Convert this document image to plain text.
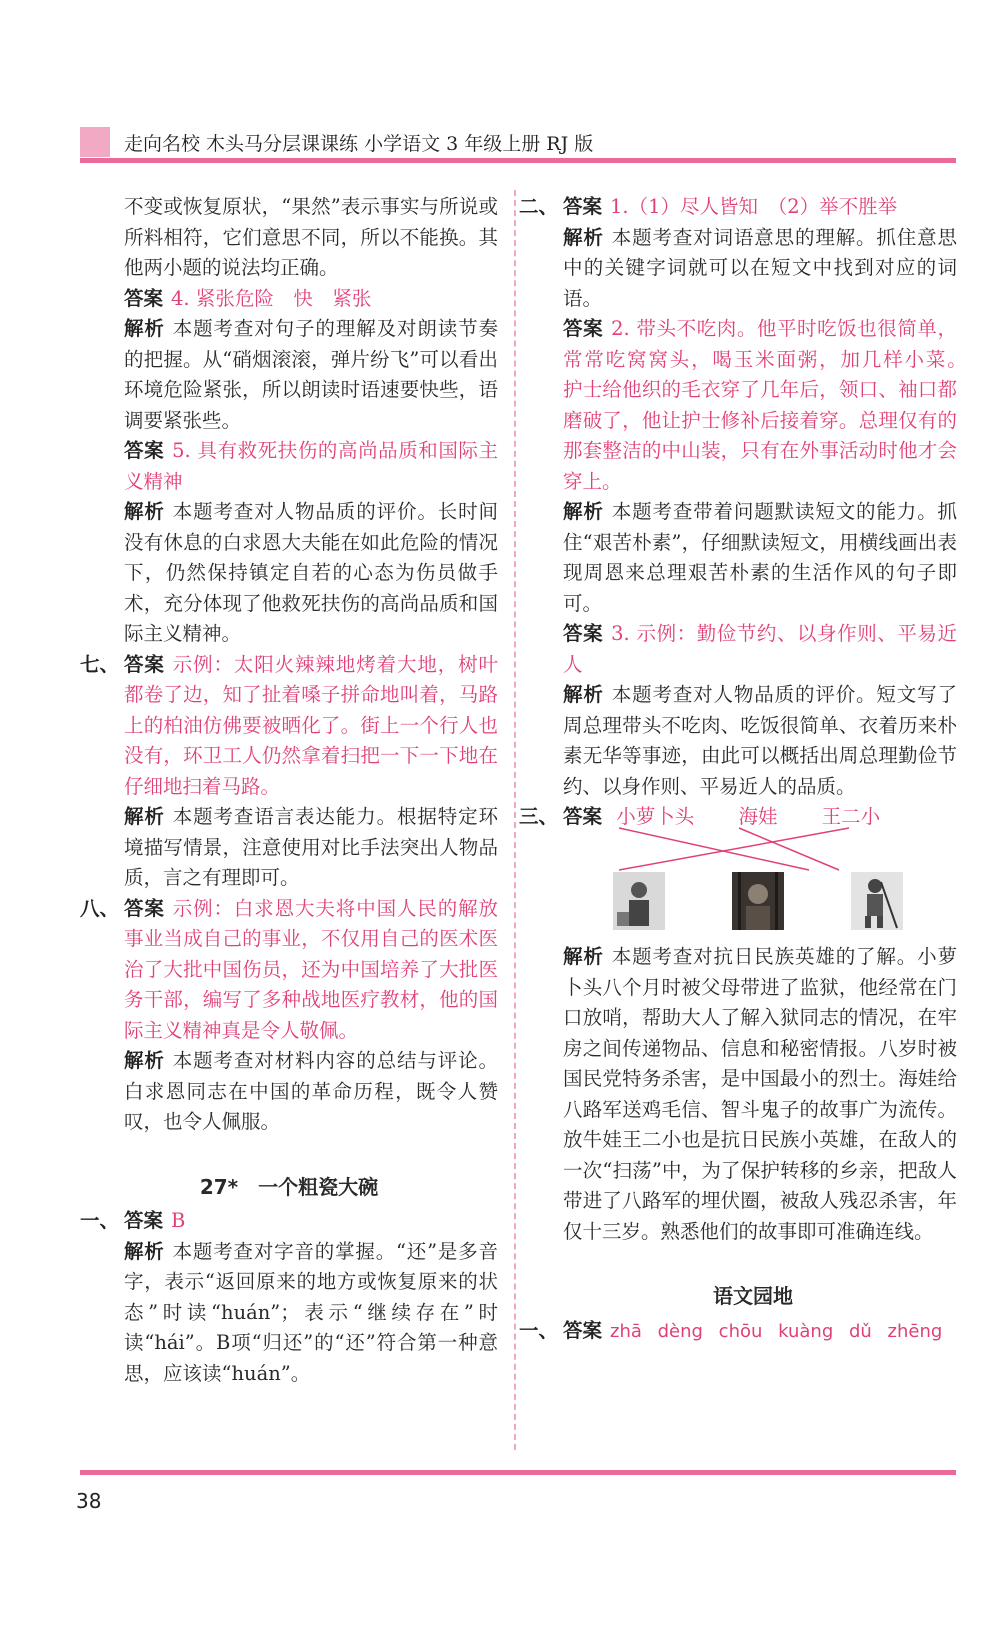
走向名校 木头马分层课课练 小学语文 3 年级上册 RJ 版

不变或恢复原状，“果然”表示事实与所说或所料相符，它们意思不同，所以不能换。其他两小题的说法均正确。

答案 4. 紧张危险　快　紧张

解析 本题考查对句子的理解及对朗读节奏的把握。从“硝烟滚滚，弹片纷飞”可以看出环境危险紧张，所以朗读时语速要快些，语调要紧张些。

答案 5. 具有救死扶伤的高尚品质和国际主义精神

解析 本题考查对人物品质的评价。长时间没有休息的白求恩大夫能在如此危险的情况下，仍然保持镇定自若的心态为伤员做手术，充分体现了他救死扶伤的高尚品质和国际主义精神。

七、 答案 示例：太阳火辣辣地烤着大地，树叶都卷了边，知了扯着嗓子拼命地叫着，马路上的柏油仿佛要被晒化了。街上一个行人也没有，环卫工人仍然拿着扫把一下一下地在仔细地扫着马路。

解析 本题考查语言表达能力。根据特定环境描写情景，注意使用对比手法突出人物品质，言之有理即可。

八、 答案 示例：白求恩大夫将中国人民的解放事业当成自己的事业，不仅用自己的医术医治了大批中国伤员，还为中国培养了大批医务干部，编写了多种战地医疗教材，他的国际主义精神真是令人敬佩。

解析 本题考查对材料内容的总结与评论。白求恩同志在中国的革命历程，既令人赞叹，也令人佩服。

27*　一个粗瓷大碗

一、 答案 B

解析 本题考查对字音的掌握。“还”是多音字，表示“返回原来的地方或恢复原来的状态”时读“huán”；表示“继续存在”时读“hái”。B项“归还”的“还”符合第一种意思，应该读“huán”。

二、 答案 1.（1）尽人皆知　（2）举不胜举

解析 本题考查对词语意思的理解。抓住意思中的关键字词就可以在短文中找到对应的词语。

答案 2. 带头不吃肉。他平时吃饭也很简单，常常吃窝窝头，喝玉米面粥，加几样小菜。　护士给他织的毛衣穿了几年后，领口、袖口都磨破了，他让护士修补后接着穿。总理仅有的那套整洁的中山装，只有在外事活动时他才会穿上。

解析 本题考查带着问题默读短文的能力。抓住“艰苦朴素”，仔细默读短文，用横线画出表现周恩来总理艰苦朴素的生活作风的句子即可。

答案 3. 示例：勤俭节约、以身作则、平易近人

解析 本题考查对人物品质的评价。短文写了周总理带头不吃肉、吃饭很简单、衣着历来朴素无华等事迹，由此可以概括出周总理勤俭节约、以身作则、平易近人的品质。

三、 答案 小萝卜头 海娃 王二小

解析 本题考查对抗日民族英雄的了解。小萝卜头八个月时被父母带进了监狱，他经常在门口放哨，帮助大人了解入狱同志的情况，在牢房之间传递物品、信息和秘密情报。八岁时被国民党特务杀害，是中国最小的烈士。海娃给八路军送鸡毛信、智斗鬼子的故事广为流传。放牛娃王二小也是抗日民族小英雄，在敌人的一次“扫荡”中，为了保护转移的乡亲，把敌人带进了八路军的埋伏圈，被敌人残忍杀害，年仅十三岁。熟悉他们的故事即可准确连线。

语文园地

一、 答案 zhā dèng chōu kuàng dǔ zhēng

38
